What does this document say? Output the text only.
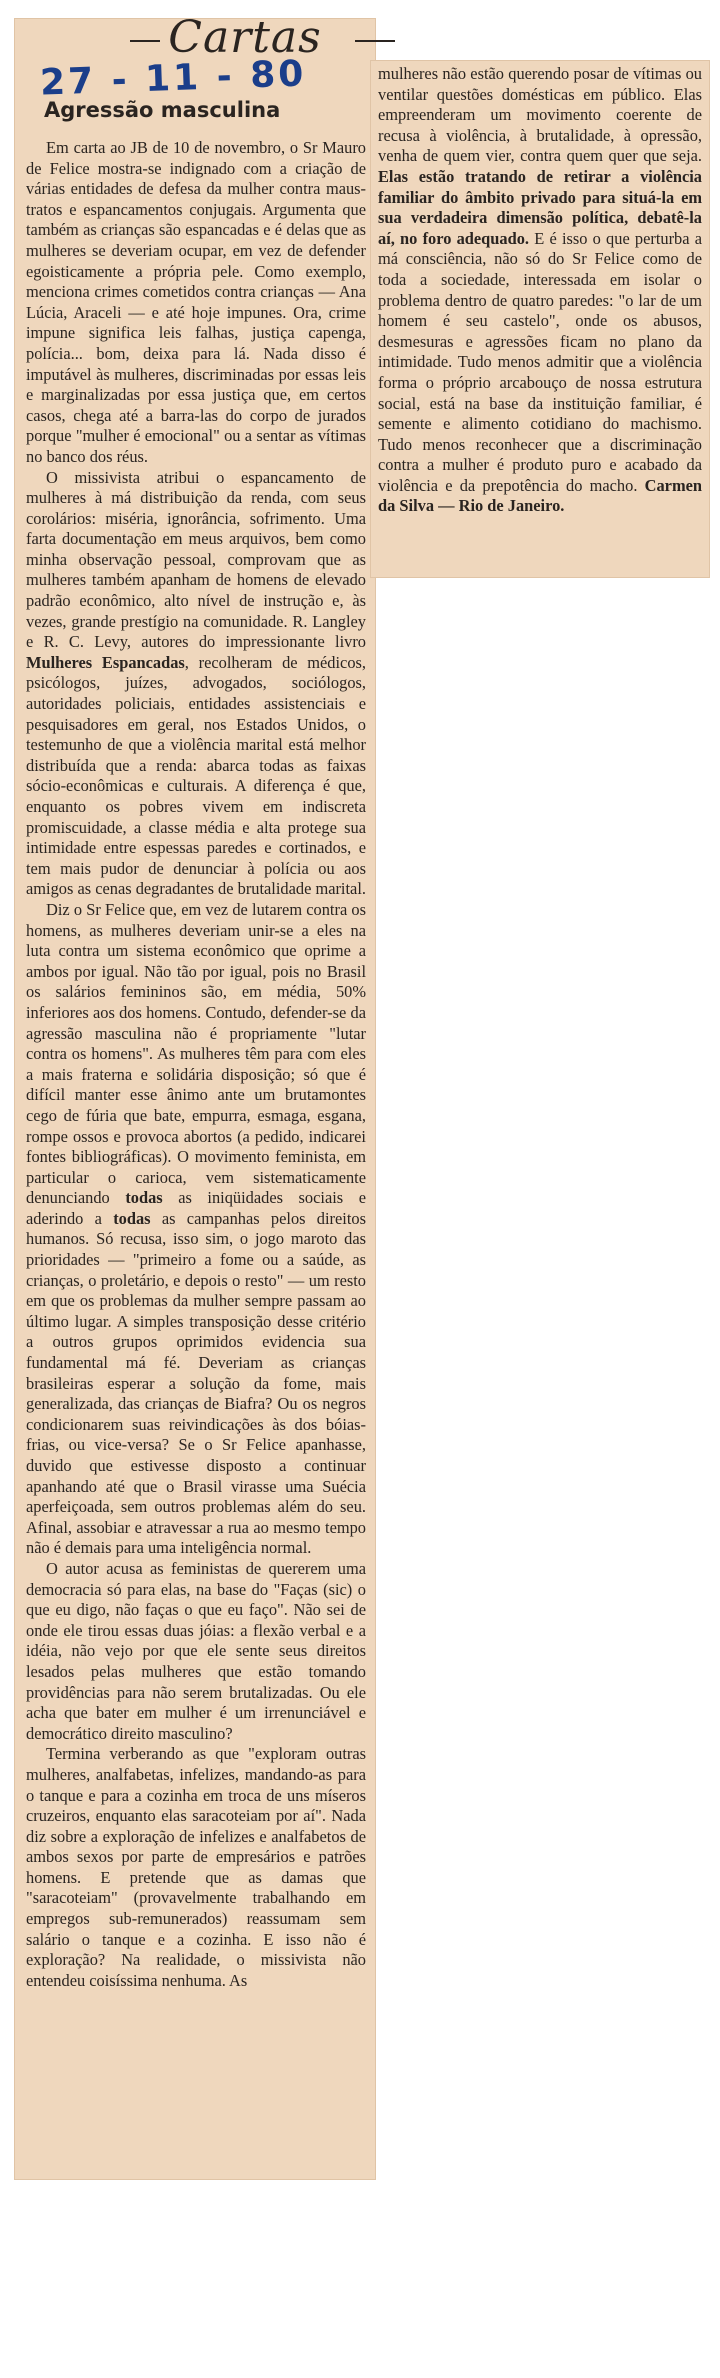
Cartas
27 - 11 - 80
Agressão masculina

Em carta ao JB de 10 de novembro, o Sr Mauro de Felice mostra-se indignado com a criação de várias entidades de defesa da mulher contra maus-tratos e espancamentos conjugais. Argumenta que também as crianças são espancadas e é delas que as mulheres se deveriam ocupar, em vez de defender egoisticamente a própria pele. Como exemplo, menciona crimes cometidos contra crianças — Ana Lúcia, Araceli — e até hoje impunes. Ora, crime impune significa leis falhas, justiça capenga, polícia... bom, deixa para lá. Nada disso é imputável às mulheres, discriminadas por essas leis e marginalizadas por essa justiça que, em certos casos, chega até a barra-las do corpo de jurados porque "mulher é emocional" ou a sentar as vítimas no banco dos réus.

O missivista atribui o espancamento de mulheres à má distribuição da renda, com seus corolários: miséria, ignorância, sofrimento. Uma farta documentação em meus arquivos, bem como minha observação pessoal, comprovam que as mulheres também apanham de homens de elevado padrão econômico, alto nível de instrução e, às vezes, grande prestígio na comunidade. R. Langley e R. C. Levy, autores do impressionante livro Mulheres Espancadas, recolheram de médicos, psicólogos, juízes, advogados, sociólogos, autoridades policiais, entidades assistenciais e pesquisadores em geral, nos Estados Unidos, o testemunho de que a violência marital está melhor distribuída que a renda: abarca todas as faixas sócio-econômicas e culturais. A diferença é que, enquanto os pobres vivem em indiscreta promiscuidade, a classe média e alta protege sua intimidade entre espessas paredes e cortinados, e tem mais pudor de denunciar à polícia ou aos amigos as cenas degradantes de brutalidade marital.

Diz o Sr Felice que, em vez de lutarem contra os homens, as mulheres deveriam unir-se a eles na luta contra um sistema econômico que oprime a ambos por igual. Não tão por igual, pois no Brasil os salários femininos são, em média, 50% inferiores aos dos homens. Contudo, defender-se da agressão masculina não é propriamente "lutar contra os homens". As mulheres têm para com eles a mais fraterna e solidária disposição; só que é difícil manter esse ânimo ante um brutamontes cego de fúria que bate, empurra, esmaga, esgana, rompe ossos e provoca abortos (a pedido, indicarei fontes bibliográficas). O movimento feminista, em particular o carioca, vem sistematicamente denunciando todas as iniqüidades sociais e aderindo a todas as campanhas pelos direitos humanos. Só recusa, isso sim, o jogo maroto das prioridades — "primeiro a fome ou a saúde, as crianças, o proletário, e depois o resto" — um resto em que os problemas da mulher sempre passam ao último lugar. A simples transposição desse critério a outros grupos oprimidos evidencia sua fundamental má fé. Deveriam as crianças brasileiras esperar a solução da fome, mais generalizada, das crianças de Biafra? Ou os negros condicionarem suas reivindicações às dos bóias-frias, ou vice-versa? Se o Sr Felice apanhasse, duvido que estivesse disposto a continuar apanhando até que o Brasil virasse uma Suécia aperfeiçoada, sem outros problemas além do seu. Afinal, assobiar e atravessar a rua ao mesmo tempo não é demais para uma inteligência normal.

O autor acusa as feministas de quererem uma democracia só para elas, na base do "Faças (sic) o que eu digo, não faças o que eu faço". Não sei de onde ele tirou essas duas jóias: a flexão verbal e a idéia, não vejo por que ele sente seus direitos lesados pelas mulheres que estão tomando providências para não serem brutalizadas. Ou ele acha que bater em mulher é um irrenunciável e democrático direito masculino?

Termina verberando as que "exploram outras mulheres, analfabetas, infelizes, mandando-as para o tanque e para a cozinha em troca de uns míseros cruzeiros, enquanto elas saracoteiam por aí". Nada diz sobre a exploração de infelizes e analfabetos de ambos sexos por parte de empresários e patrões homens. E pretende que as damas que "saracoteiam" (provavelmente trabalhando em empregos sub-remunerados) reassumam sem salário o tanque e a cozinha. E isso não é exploração? Na realidade, o missivista não entendeu coisíssima nenhuma. As

mulheres não estão querendo posar de vítimas ou ventilar questões domésticas em público. Elas empreenderam um movimento coerente de recusa à violência, à brutalidade, à opressão, venha de quem vier, contra quem quer que seja. Elas estão tratando de retirar a violência familiar do âmbito privado para situá-la em sua verdadeira dimensão política, debatê-la aí, no foro adequado. E é isso o que perturba a má consciência, não só do Sr Felice como de toda a sociedade, interessada em isolar o problema dentro de quatro paredes: "o lar de um homem é seu castelo", onde os abusos, desmesuras e agressões ficam no plano da intimidade. Tudo menos admitir que a violência forma o próprio arcabouço de nossa estrutura social, está na base da instituição familiar, é semente e alimento cotidiano do machismo. Tudo menos reconhecer que a discriminação contra a mulher é produto puro e acabado da violência e da prepotência do macho. Carmen da Silva — Rio de Janeiro.
